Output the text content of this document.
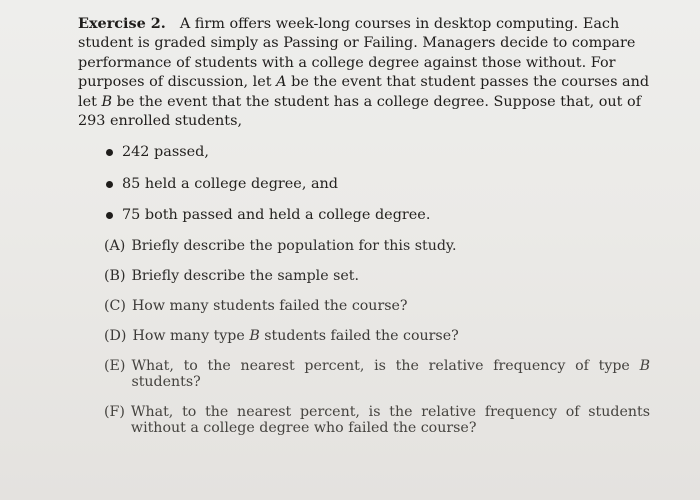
Exercise 2. A firm offers week-long courses in desktop computing. Each student is graded simply as Passing or Failing. Managers decide to compare performance of students with a college degree against those without. For purposes of discussion, let A be the event that student passes the courses and let B be the event that the student has a college degree. Suppose that, out of 293 enrolled students,

242 passed,
85 held a college degree, and
75 both passed and held a college degree.
(A) Briefly describe the population for this study.
(B) Briefly describe the sample set.
(C) How many students failed the course?
(D) How many type B students failed the course?
(E) What, to the nearest percent, is the relative frequency of type B students?
(F) What, to the nearest percent, is the relative frequency of students without a college degree who failed the course?
